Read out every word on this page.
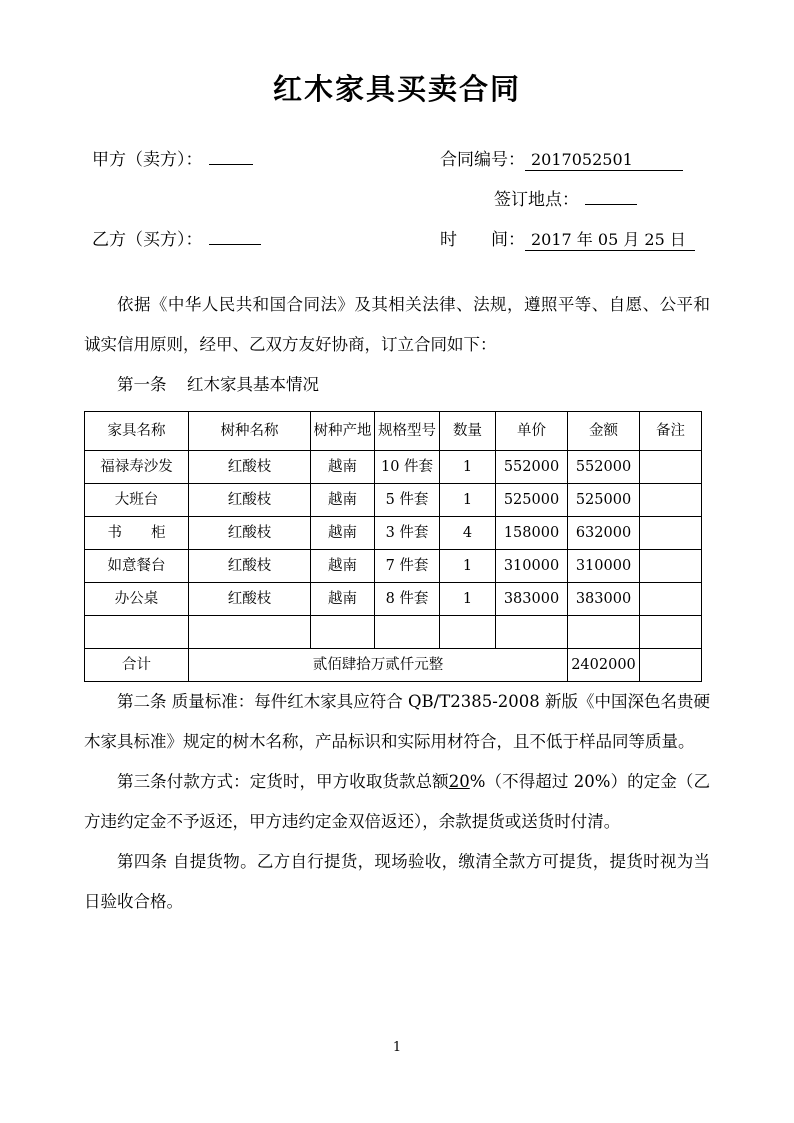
红木家具买卖合同
甲方（卖方）：	合同编号： 2017052501
签订地点：
乙方（买方）：	时 间： 2017 年 05 月 25 日

依据《中华人民共和国合同法》及其相关法律、法规，遵照平等、自愿、公平和诚实信用原则，经甲、乙双方友好协商，订立合同如下：

第一条 红木家具基本情况
家具名称	树种名称	树种产地	规格型号	数量	单价	金额	备注
福禄寿沙发	红酸枝	越南	10 件套	1	552000	552000	
大班台	红酸枝	越南	5 件套	1	525000	525000	
书　　柜	红酸枝	越南	3 件套	4	158000	632000	
如意餐台	红酸枝	越南	7 件套	1	310000	310000	
办公桌	红酸枝	越南	8 件套	1	383000	383000	

合计	贰佰肆拾万贰仟元整					2402000	

第二条 质量标准：每件红木家具应符合 QB/T2385-2008 新版《中国深色名贵硬木家具标准》规定的树木名称，产品标识和实际用材符合，且不低于样品同等质量。

第三条付款方式：定货时，甲方收取货款总额20%（不得超过 20%）的定金（乙方违约定金不予返还，甲方违约定金双倍返还），余款提货或送货时付清。

第四条 自提货物。乙方自行提货，现场验收，缴清全款方可提货，提货时视为当日验收合格。

1
